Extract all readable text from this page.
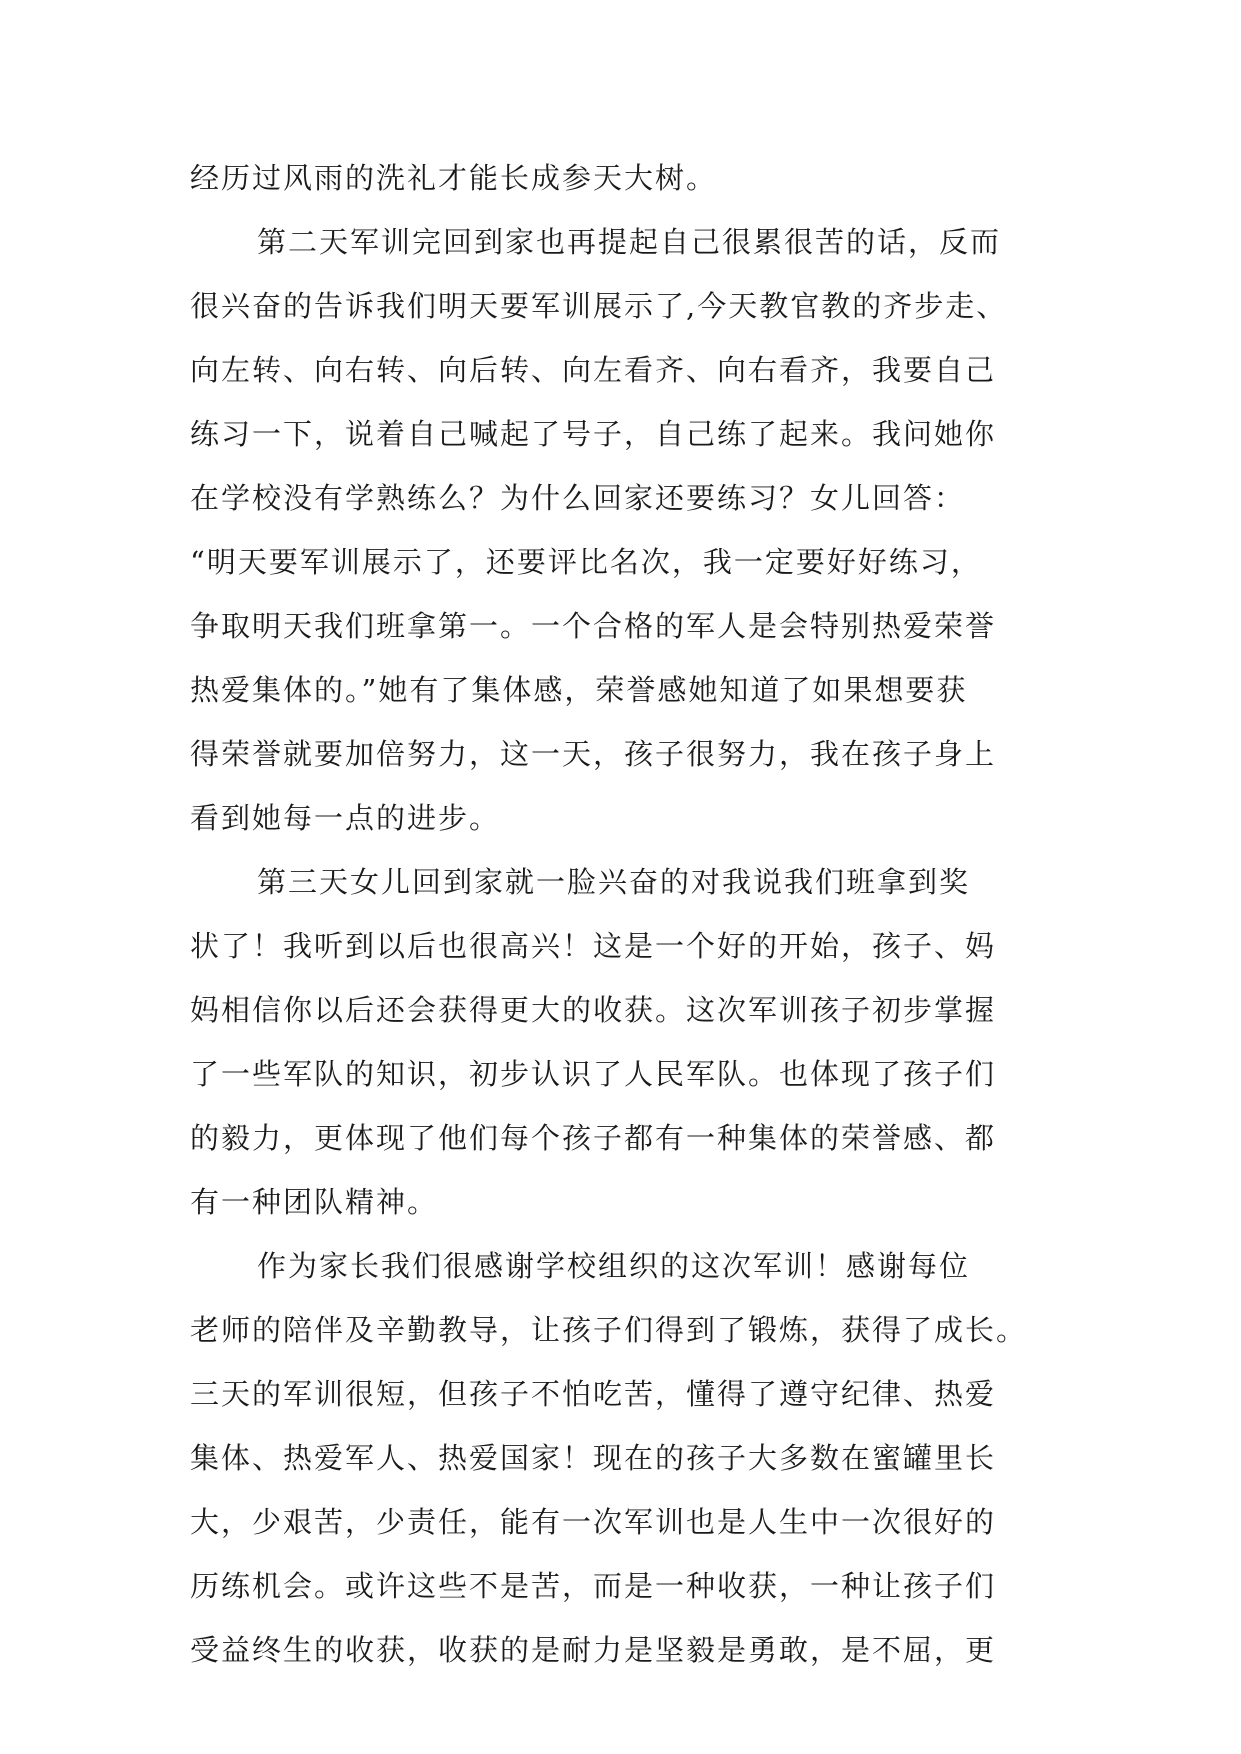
经历过风雨的洗礼才能长成参天大树。
第二天军训完回到家也再提起自己很累很苦的话，反而
很兴奋的告诉我们明天要军训展示了,今天教官教的齐步走、
向左转、向右转、向后转、向左看齐、向右看齐，我要自己
练习一下，说着自己喊起了号子，自己练了起来。我问她你
在学校没有学熟练么？为什么回家还要练习？女儿回答：
“明天要军训展示了，还要评比名次，我一定要好好练习，
争取明天我们班拿第一。一个合格的军人是会特别热爱荣誉
热爱集体的。”她有了集体感，荣誉感她知道了如果想要获
得荣誉就要加倍努力，这一天，孩子很努力，我在孩子身上
看到她每一点的进步。
第三天女儿回到家就一脸兴奋的对我说我们班拿到奖
状了！我听到以后也很高兴！这是一个好的开始，孩子、妈
妈相信你以后还会获得更大的收获。这次军训孩子初步掌握
了一些军队的知识，初步认识了人民军队。也体现了孩子们
的毅力，更体现了他们每个孩子都有一种集体的荣誉感、都
有一种团队精神。
作为家长我们很感谢学校组织的这次军训！感谢每位
老师的陪伴及辛勤教导，让孩子们得到了锻炼，获得了成长。
三天的军训很短，但孩子不怕吃苦，懂得了遵守纪律、热爱
集体、热爱军人、热爱国家！现在的孩子大多数在蜜罐里长
大，少艰苦，少责任，能有一次军训也是人生中一次很好的
历练机会。或许这些不是苦，而是一种收获，一种让孩子们
受益终生的收获，收获的是耐力是坚毅是勇敢，是不屈，更
